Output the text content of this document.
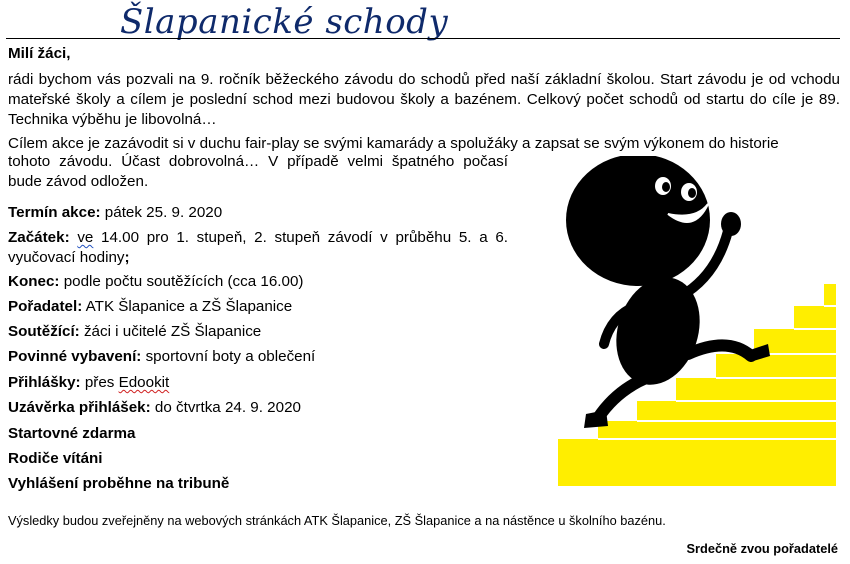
Šlapanické schody
Milí žáci,
rádi bychom vás pozvali na 9. ročník běžeckého závodu do schodů před naší základní školou. Start závodu je od vchodu mateřské školy a cílem je poslední schod mezi budovou školy a bazénem. Celkový počet schodů od startu do cíle je 89. Technika výběhu je libovolná…
Cílem akce je zazávodit si v duchu fair-play se svými kamarády a spolužáky a zapsat se svým výkonem do historie
tohoto závodu. Účast dobrovolná… V případě velmi špatného počasí bude závod odložen.
Termín akce: pátek 25. 9. 2020
Začátek: ve 14.00 pro 1. stupeň, 2. stupeň závodí v průběhu 5. a 6. vyučovací hodiny;
Konec: podle počtu soutěžících (cca 16.00)
Pořadatel: ATK Šlapanice a ZŠ Šlapanice
Soutěžící: žáci i učitelé ZŠ Šlapanice
Povinné vybavení: sportovní boty a oblečení
Přihlášky: přes Edookit
Uzávěrka přihlášek: do čtvrtka 24. 9. 2020
Startovné zdarma
Rodiče vítáni
Vyhlášení proběhne na tribuně
Výsledky budou zveřejněny na webových stránkách ATK Šlapanice, ZŠ Šlapanice a na nástěnce u školního bazénu.
Srdečně zvou pořadatelé
